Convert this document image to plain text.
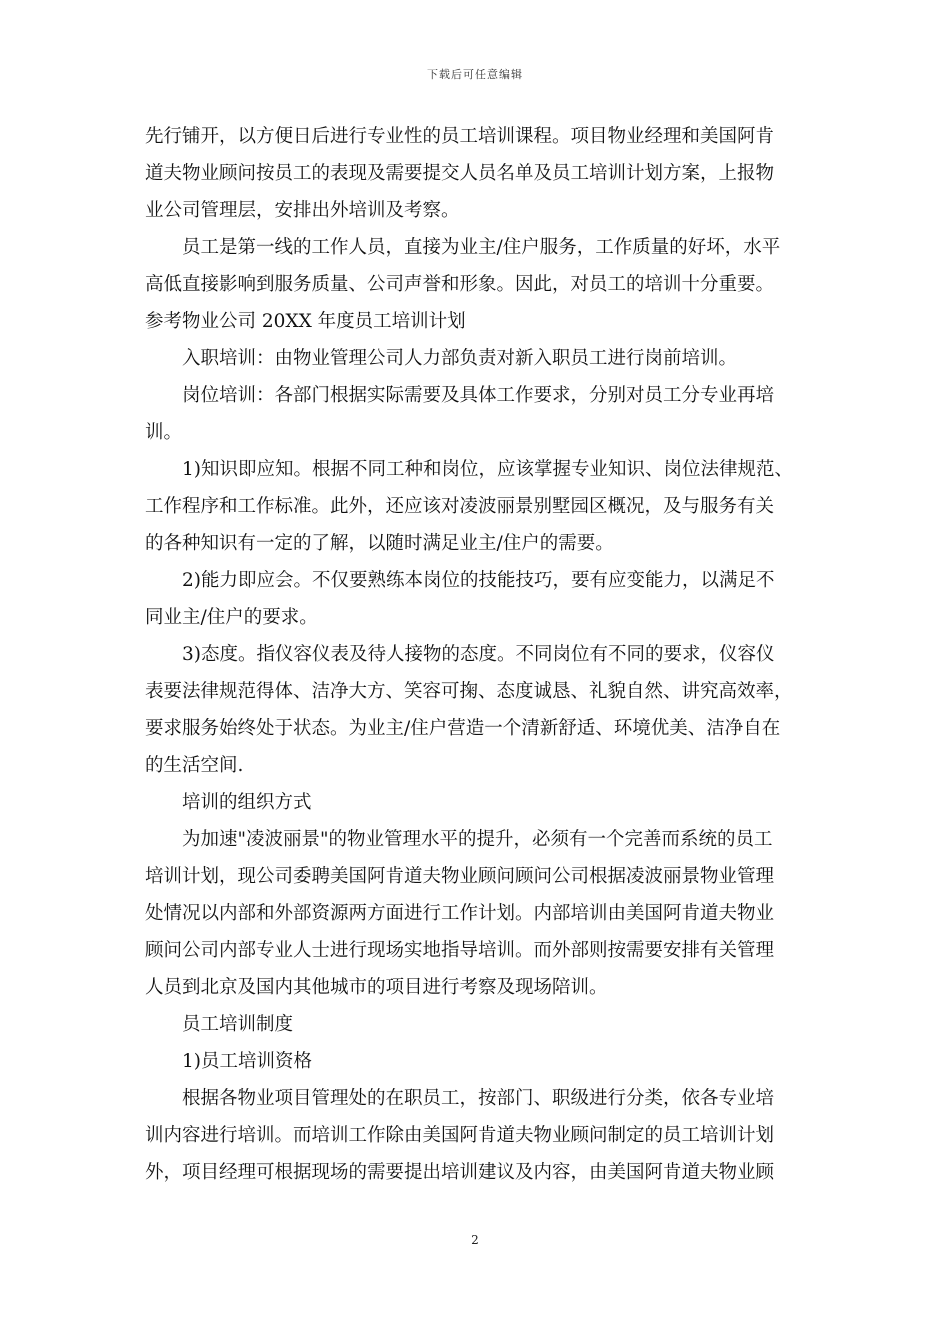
下载后可任意编辑
先行铺开，以方便日后进行专业性的员工培训课程。项目物业经理和美国阿肯
道夫物业顾问按员工的表现及需要提交人员名单及员工培训计划方案，上报物
业公司管理层，安排出外培训及考察。
员工是第一线的工作人员，直接为业主/住户服务，工作质量的好坏，水平
高低直接影响到服务质量、公司声誉和形象。因此，对员工的培训十分重要。
参考物业公司 20XX 年度员工培训计划
入职培训：由物业管理公司人力部负责对新入职员工进行岗前培训。
岗位培训：各部门根据实际需要及具体工作要求，分别对员工分专业再培
训。
1)知识即应知。根据不同工种和岗位，应该掌握专业知识、岗位法律规范、
工作程序和工作标准。此外，还应该对凌波丽景别墅园区概况，及与服务有关
的各种知识有一定的了解，以随时满足业主/住户的需要。
2)能力即应会。不仅要熟练本岗位的技能技巧，要有应变能力，以满足不
同业主/住户的要求。
3)态度。指仪容仪表及待人接物的态度。不同岗位有不同的要求，仪容仪
表要法律规范得体、洁净大方、笑容可掬、态度诚恳、礼貌自然、讲究高效率，
要求服务始终处于状态。为业主/住户营造一个清新舒适、环境优美、洁净自在
的生活空间.
培训的组织方式
为加速"凌波丽景"的物业管理水平的提升，必须有一个完善而系统的员工
培训计划，现公司委聘美国阿肯道夫物业顾问顾问公司根据凌波丽景物业管理
处情况以内部和外部资源两方面进行工作计划。内部培训由美国阿肯道夫物业
顾问公司内部专业人士进行现场实地指导培训。而外部则按需要安排有关管理
人员到北京及国内其他城市的项目进行考察及现场陪训。
员工培训制度
1)员工培训资格
根据各物业项目管理处的在职员工，按部门、职级进行分类，依各专业培
训内容进行培训。而培训工作除由美国阿肯道夫物业顾问制定的员工培训计划
外，项目经理可根据现场的需要提出培训建议及内容，由美国阿肯道夫物业顾
2
